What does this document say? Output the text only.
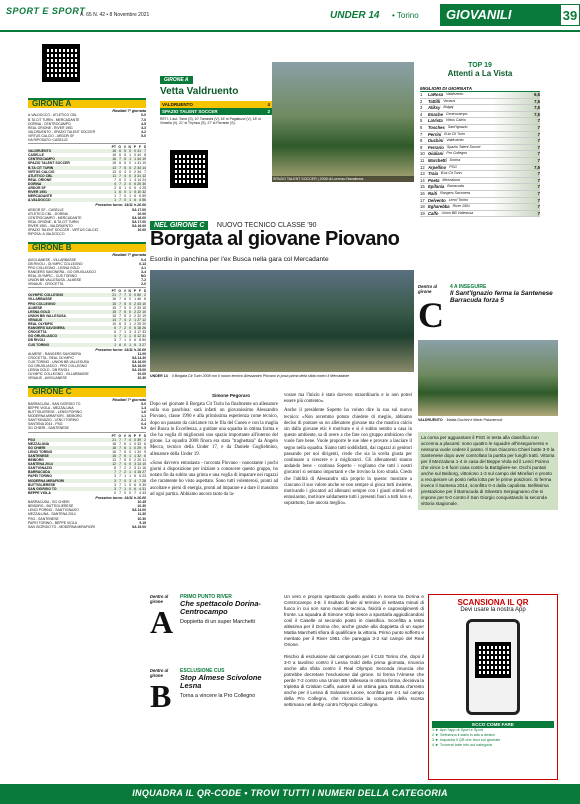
SPORT E SPORT
A. 65 N. 42 • 8 Novembre 2021	UNDER 14 • Torino	GIOVANILI	39
GIRONE A
Risultati 7ª giornata
A.VALDOCCO - ATLETICO CBL	0-0
B.TA CIT TURIN - MERCADANTE	7-0
DORINA - CENTROCAMPO	4-5
REAL ORIONE - RIVER 1951	3-3
VALDRUENTO - SPAZIO TALENT SOCCER	4-2
VIRTUS CALCIO - ARDOR SF	5-0
HA RIPOSATO: CASELLE
PT G V N P F S
VALDRUENTO	16 6 5 0 0 41 7
CASELLE	16 6 5 1 0 44 8
CENTROCAMPO	16 7 5 1 1 34 19
SPAZIO TALENT SOCCER	15 6 5 0 1 31 10
B.TA CIT TURIN	13 7 5 0 2 34 14
VIRTUS CALCIO	13 6 4 0 2 34 7
ATLETICO CBL	11 7 4 0 3 31 12
REAL ORIONE	7 6 2 1 3 14 24
DORINA	4 7 2 0 5 25 30
ARDOR SF	3 6 1 0 5 4 25
RIVER 1951	1 6 0 1 5 10 32
MERCADANTE	1 7 0 1 6 6 59
A.VALDOCCO	1 7 0 1 6 4 56
Prossimo turno: 14/11 h.16.00
ARDOR SF - CASELLE	SA 17.00
ATLETICO CBL - DORINA	10.00
CENTROCAMPO - MERCADANTE	SA 16.00
REAL ORIONE - B.TA CIT TURIN	SA 17.00
RIVER 1951 - VALDRUENTO	SA 16.00
SPAZIO TALENT SOCCER - VIRTUS CALCIO	10.00
RIPOSA: A.VALDOCCO
GIRONE B
Risultati 7ª giornata
AVIGLIANESE - VILLARBASSE	0-4
DB RIVOLI - OLYMPIC COLLEGNO	0-13
PRO COLLEGNO - LESNA GOLD	4-1
RANGERS SAVONERA - GO GRUGLIASCO	3-4
REAL OLYMPIC - CUS TORINO	NO
UNION BB VALLESUSA - ALMESE	7-2
VENAUS - CROCETTA	2-0
PT G V N P F S
OLYMPIC COLLEGNO	21 7 7 0 0 50 2
VILLARBASSE	16 7 6 0 1 46 8
PRO COLLEGNO	15 7 5 0 2 43 10
ALMESE	15 7 5 0 2 33 15
LESNA GOLD	15 7 5 0 2 22 10
UNION BB VALLESUSA	15 7 5 0 2 32 19
VENAUS	14 7 4 2 1 27 12
REAL OLYMPIC	10 6 3 1 2 29 20
RANGERS SAVONERA	6 7 2 0 5 18 26
CROCETTA	6 7 1 3 3 17 33
GO GRUGLIASCO	4 7 1 1 5 12 31
DB RIVOLI	3 7 1 0 6 8 50
CUS TORINO	1 6 0 1 5 3 27
Prossimo turno: 14/11 h.16.00
ALMESE - RANGERS SAVONERA	11.00
CROCETTA - REAL OLYMPIC	SA 14.30
CUS TORINO - UNION BB VALLESUSA	SA 16.00
GO GRUGLIASCO - PRO COLLEGNO	SA 18.00
LESNA GOLD - DB RIVOLI	SA 15.00
OLYMPIC COLLEGNO - VILLARBASSE	10.00
VENAUS - AVIGLIANESE	10.30
GIRONE C
Risultati 7ª giornata
BARRACUDA - SAN GIORGIO TO	5-0
BEPPE VIOLA - MEZZALUNA	1-4
BUTTIGLIERESE - LENSI PORINO	1-6
MODERNA MIRAFIORI - BEIBORG	1-1
SANT'IGNAZIO - LENCI TORINO	2-1
SANTENA 2014 - PSG	0-4
SG CHIERI - SANTENESE	0-3
PT G V N P F S
PSG	21 7 7 0 0 39 2
MEZZALUNA	18 7 6 1 0 33 6
SG CHIERI	18 7 6 1 0 29 9
LENCI TORINO	16 7 6 0 1 34 9
SANTENESE	16 7 5 1 1 32 6
BEIBORG	13 7 5 0 2 20 11
SANTENA 2014	12 7 4 0 3 13 10
SANT'IGNAZIO	8 7 2 2 3 11 16
BARRACUDA	7 7 2 1 4 16 27
PAPEI TORINO	3 7 1 1 5 5 23
MODERNA MIRAFIORI	3 7 0 3 4 7 28
BUTTIGLIERESE	3 7 1 0 6 5 30
SAN GIORGIO TO	3 7 1 0 6 4 31
BEPPE VIOLA	0 7 0 0 7 4 43
Prossimo turno: 14/11 h.16.00
BARRACUDA - SG CHIERI	10.45
BEIBORG - BUTTIGLIERESE	10.30
LENCI PORINO - SANT'IGNAZIO	SA 14.00
MEZZALUNA - SANTENA 2014	11.30
PSG - SANTENESE	10.30
PAPEI TORINO - BEPPE VIOLA	9.15
SAN GIORGIO TO - MODERNA MIRAFIORI	SA 15.00
GIRONE A
Vetta Valdruento
VALDRUENTO	4
SPAZIO TALENT SOCCER	2
RETI: 1 aut. Tomè (S), 10' Tomasini (V), 16' st Pagattuzzi (V), 18' st Vinsella (V), 21' st Thymus (S), 27' st Ferrante (S).
SPAZIO TALENT SOCCER | 2008 di Lorenzo Navalenca
TOP 19
Attenti a La Vista
MIGLIORI DI GIORNATA
1	LaRosa Valdruento	6,5
2	Tattilli Venaus	7,5
3	Aliksy Bulgaj	7,5
4	Enache Centrocampo	7,5
5	LaVista Virtus Calcio	7
6	Tosches Sant'Ignazio	7
7	Perrini B.ta Cit Turin	7
8	Duchini Valdruento	7
9	Ferrario Spazio Talent Soccer	7
10 Giuliani Pro Collegno	7
11 Marchetti Dorina	7
12 Arpellino PSG	7,5
13 Traia B.ta Cit Turin	7
14 Poeta Mezzaluna	7
15 Epifania Barracuda	7
16 Raiti Rangers Savonera	7
17 Delvento Lenci Torino	7
18 Egharebba River 1951	7
19 Calfo Union BB Vallesusa	7
NEL GIRONE C NUOVO TECNICO CLASSE '90
Borgata al giovane Piovano
Esordio in panchina per l'ex Busca nella gara col Mercadante
UNDER 14 Il Borgata Cit Turin 2008 con il nuovo tecnico Alessandro Piovano in posa prima della sfida contro il Mercadante
Simone Pegoraro

Dopo sei giornate il Borgata Cit Turin ha finalmente un allenatore sulla sua panchina: sarà infatti un giovanissimo Alessandro Piovano, classe 1990 e alla primissima esperienza come tecnico, dopo un passato da calciatore tra le fila del Cuneo e con la maglia del Busca in Eccellenza, a guidare una squadra in ottima forma e che ha voglia di migliorarsi uno spazio importante all'interno del girone. La squadra 2008 finora era stata "traghettata" da Angelo Mecca, tecnico della Under 17, e da Daniele Guglielmino, allenatore della Under 19.

«Sono davvero entusiasta - racconta Piovano - nonostante i pochi giorni a disposizione per iniziare a conoscere questo gruppo, ho notato fin da subito una grinta e una voglia di imparare nei ragazzi che raramente ho visto aspettato. Sono tutti volenterosi, pronti ad ascoltare e pieni di energia, pronti ad imparare e a dare il massimo ad ogni partita. Abbiamo ancora tanto da la-

vorare ma l'inizio è stato davvero straordinario e io non potrei essere più contento».

Anche il presidente Sopetto ha voluto dire la sua sul nuovo tecnico: «Non avremmo potuto chiedere di meglio, abbiamo deciso di puntare su un allenatore giovane ma che mastica calcio sin dalla giovane età: è motivato e si è subito sentito a casa in questo ambiente, sa di avere a che fare con gruppo ambizioso che vuole fare bene. Vuole proporre le sue idee e provare a lasciare il segno nella squadra. Siamo tutti soddisfatti, dai ragazzi ai genitori passando per noi dirigenti, credo che sia la scelta giusta per continuare a crescere e a migliorarci. Gli allenamenti stanno andando bene - continua Sopetto - vogliamo che tutti i nostri giocatori si sentano importanti e che trovino la loro strada. Credo che l'abilità di Alessandro stia proprio in questo: mostrare a ciascuno il suo valore anche se non sempre si gioca tutti insieme, motivando i giocatori ad allenarsi sempre con i giusti stimoli ed entusiasmo, motivare saldamente tutti i presenti fuori a tutti loro e, soprattutto, fare ancora meglio».

Dentro al
girone
C
4 A INSEGUIRE
Il Sant'Ignazio ferma la Santenese Barracuda forza 5
VALDRUENTO Mattia Duchini e Marin Palumercuk
La corsa per agguantare il PSG in testa alla classifica non accenna a placarsi: sono quattro le squadre all'inseguimento e nessuna vuole cedere il passo. Il San Giacomo Chieri batte 3-0 la Santenese dopo aver controllato la partita per lunghi tratti. Vittoria per il Mezzaluna 1-4 in casa del Beppe Viola ed il Lenci Poirino che vince 1-6 fuori casa contro la Buttigliere-se. Occhi puntati anche sul Beiborg, vittorioso 1-3 sul campo del Mirafiori e pronto a recuperare un posto nella lotta per le prime posizioni. Si ferma invece il Santena 2014, sconfitto 0-4 dalla capolista. Bellissima prestazione per il Barracuda di Silvestro Serpagnamo che si impone per 5-0 contro il San Giorgio conquistando la seconda vittoria stagionale.
Dentro al
girone
A
PRIMO PUNTO RIVER
Che spettacolo Dorina-Centrocampo
Doppietta di un super Marchetti
Dentro al
girone
B
ESCLUSIONE CUS
Stop Almese Scivolone Lesna
Torna a vincere la Pro Collegno

Un vero e proprio spettacolo quello andato in scena tra Dorina e Centrocampo 4-5: il risultato finale al termine di settanta minuti di fuoco in cui non sono mancati tecnica, fisicità e capovolgimenti di fronte. La squadra di Simone Volpi riesce a spuntarla aggiudicandosi così il Caselle al secondo posto in classifica. Sconfitta a testa altissima per il Dorina che, anche grazie alla doppietta di un super Mattia Marchetti sfiora di qualificare la vittoria. Primo punto sofferto e meritato per il River 1951 che pareggia 3-3 sul campo del Real Orione.

Rischio di esclusione dal campionato per il CUS Torino che, dopo il 3-0 a tavolino contro il Lesna Gold della prima giornata, rinuncia anche alla sfida contro il Real Olympic Seconda rinuncia che potrebbe decretare l'esclusione dal girone. Si ferma l'Almese che perde 7-2 contro una Union BB Vallesusa in ottima forma, decisiva la tripletta di Cristian Caffo, autore di un ottima gara. Battuta d'arresto anche per il Lesna di Salvatore Leone, sconfitta per 4-1 sul campo della Pro Collegno, che ricomincia la conquista della scorsa settimana nel derby contro l'Olympic Collegno.

SCANSIONA IL QR
Devi usare la nostra App
ECCO COME FARE
1 ► Apri l'app di Sport e Sport
2 ► Seleziona il tasto in alto a destra
3 ► Inquadra il QR che trovi sul giornale
4 ► Troverai tutte info sul categoria
INQUADRA IL QR-CODE • TROVI TUTTI I NUMERI DELLA CATEGORIA
